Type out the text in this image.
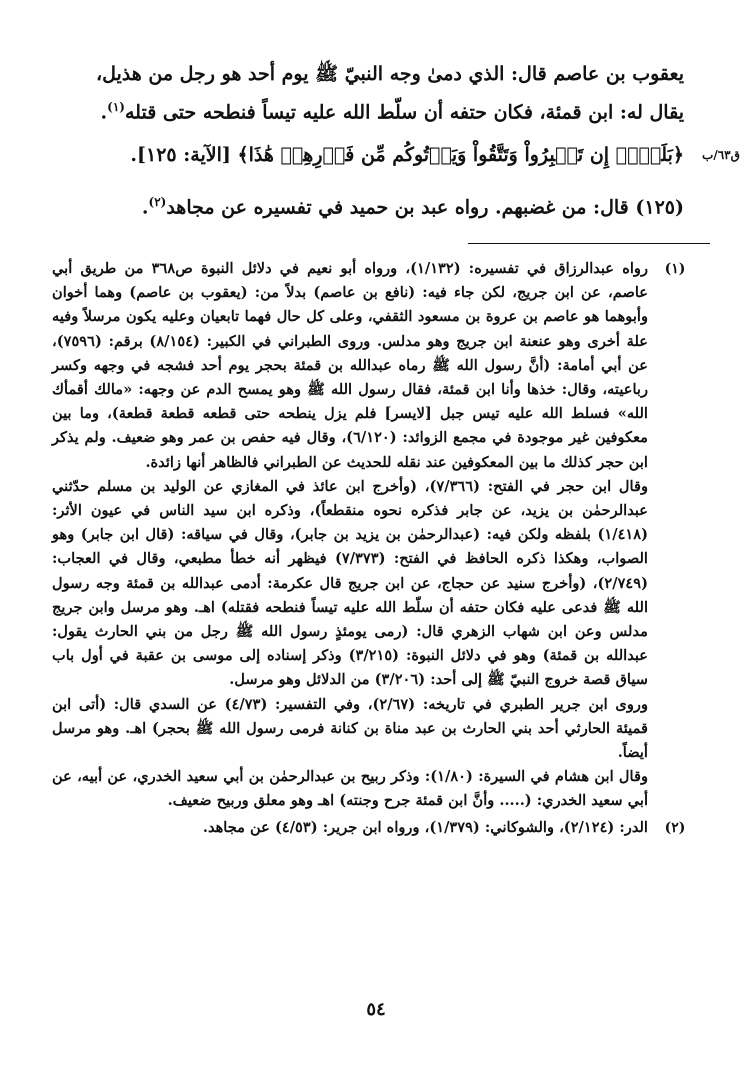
يعقوب بن عاصم قال: الذي دمىٰ وجه النبيّ ﷺ يوم أحد هو رجل من هذيل،

يقال له: ابن قمئة، فكان حتفه أن سلّط الله عليه تيساً فنطحه حتى قتله$^{(١)}$.

﴿بَلَىٰٓۚ إِن تَصۡبِرُواْ وَتَتَّقُواْ وَيَأۡتُوكُم مِّن فَوۡرِهِمۡ هَٰذَا﴾ [الآية: ١٢٥].

(١٢٥) قال: من غضبهم. رواه عبد بن حميد في تفسيره عن مجاهد$^{(٢)}$.

ق٦٣/ب
(١)

رواه عبدالرزاق في تفسيره: (١/١٣٢)، ورواه أبو نعيم في دلائل النبوة ص٣٦٨ من طريق أبي عاصم، عن ابن جريج، لكن جاء فيه: (نافع بن عاصم) بدلاً من: (يعقوب بن عاصم) وهما أخوان وأبوهما هو عاصم بن عروة بن مسعود الثقفي، وعلى كل حال فهما تابعيان وعليه يكون مرسلاً وفيه علة أخرى وهو عنعنة ابن جريج وهو مدلس. وروى الطبراني في الكبير: (٨/١٥٤) برقم: (٧٥٩٦)، عن أبي أمامة: (أنَّ رسول الله ﷺ رماه عبدالله بن قمئة بحجر يوم أحد فشجه في وجهه وكسر رباعيته، وقال: خذها وأنا ابن قمئة، فقال رسول الله ﷺ وهو يمسح الدم عن وجهه: «مالك أقمأك الله» فسلط الله عليه تيس جبل [لايسر] فلم يزل ينطحه حتى قطعه قطعة قطعة)، وما بين معكوفين غير موجودة في مجمع الزوائد: (٦/١٢٠)، وقال فيه حفص بن عمر وهو ضعيف. ولم يذكر ابن حجر كذلك ما بين المعكوفين عند نقله للحديث عن الطبراني فالظاهر أنها زائدة.

وقال ابن حجر في الفتح: (٧/٣٦٦)، (وأخرج ابن عائذ في المغازي عن الوليد بن مسلم حدّثني عبدالرحمٰن بن يزيد، عن جابر فذكره نحوه منقطعاً)، وذكره ابن سيد الناس في عيون الأثر: (١/٤١٨) بلفظه ولكن فيه: (عبدالرحمٰن بن يزيد بن جابر)، وقال في سياقه: (قال ابن جابر) وهو الصواب، وهكذا ذكره الحافظ في الفتح: (٧/٣٧٣) فيظهر أنه خطأ مطبعي، وقال في العجاب: (٢/٧٤٩)، (وأخرج سنيد عن حجاج، عن ابن جريج قال عكرمة: أدمى عبدالله بن قمئة وجه رسول الله ﷺ فدعى عليه فكان حتفه أن سلّط الله عليه تيساً فنطحه فقتله) اهـ. وهو مرسل وابن جريج مدلس وعن ابن شهاب الزهري قال: (رمى يومئذٍ رسول الله ﷺ رجل من بني الحارث يقول: عبدالله بن قمئة) وهو في دلائل النبوة: (٣/٢١٥) وذكر إسناده إلى موسى بن عقبة في أول باب سياق قصة خروج النبيّ ﷺ إلى أحد: (٣/٢٠٦) من الدلائل وهو مرسل.

وروى ابن جرير الطبري في تاريخه: (٢/٦٧)، وفي التفسير: (٤/٧٣) عن السدي قال: (أتى ابن قميئة الحارثي أحد بني الحارث بن عبد مناة بن كنانة فرمى رسول الله ﷺ بحجر) اهـ. وهو مرسل أيضاً.

وقال ابن هشام في السيرة: (١/٨٠): وذكر ربيح بن عبدالرحمٰن بن أبي سعيد الخدري، عن أبيه، عن أبي سعيد الخدري: (..... وأنَّ ابن قمئة جرح وجنته) اهـ وهو معلق وربيح ضعيف.

(٢)

الدر: (٢/١٢٤)، والشوكاني: (١/٣٧٩)، ورواه ابن جرير: (٤/٥٣) عن مجاهد.

٥٤
